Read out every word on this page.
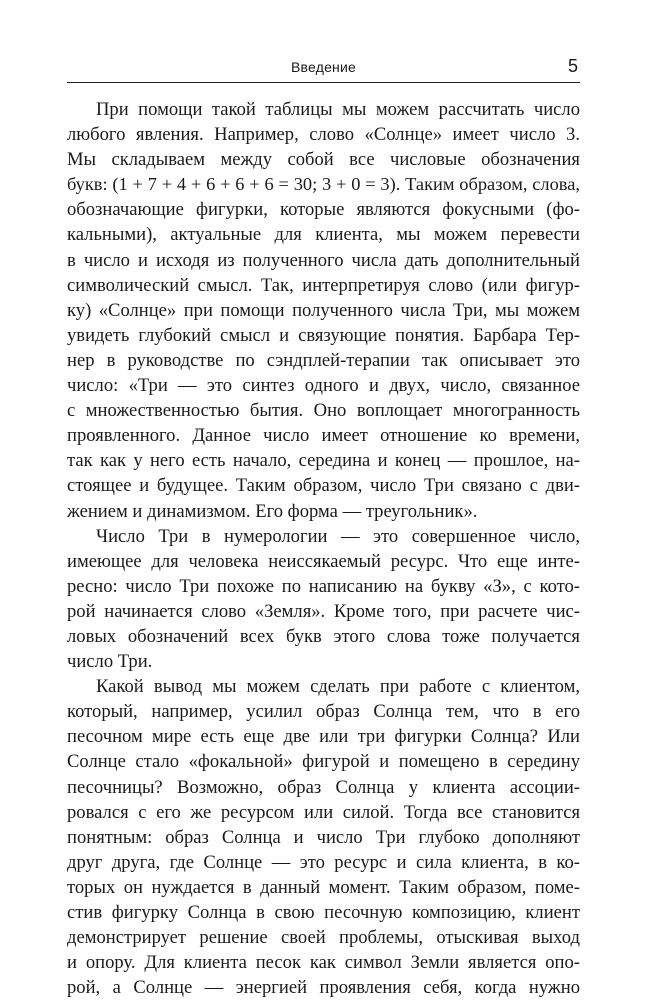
Введение	5
При помощи такой таблицы мы можем рассчитать число
любого явления. Например, слово «Солнце» имеет число 3.
Мы складываем между собой все числовые обозначения
букв: (1 + 7 + 4 + 6 + 6 + 6 = 30; 3 + 0 = 3). Таким образом, слова,
обозначающие фигурки, которые являются фокусными (фо-
кальными), актуальные для клиента, мы можем перевести
в число и исходя из полученного числа дать дополнительный
символический смысл. Так, интерпретируя слово (или фигур-
ку) «Солнце» при помощи полученного числа Три, мы можем
увидеть глубокий смысл и связующие понятия. Барбара Тер-
нер в руководстве по сэндплей-терапии так описывает это
число: «Три — это синтез одного и двух, число, связанное
с множественностью бытия. Оно воплощает многогранность
проявленного. Данное число имеет отношение ко времени,
так как у него есть начало, середина и конец — прошлое, на-
стоящее и будущее. Таким образом, число Три связано с дви-
жением и динамизмом. Его форма — треугольник».
Число Три в нумерологии — это совершенное число,
имеющее для человека неиссякаемый ресурс. Что еще инте-
ресно: число Три похоже по написанию на букву «З», с кото-
рой начинается слово «Земля». Кроме того, при расчете чис-
ловых обозначений всех букв этого слова тоже получается
число Три.
Какой вывод мы можем сделать при работе с клиентом,
который, например, усилил образ Солнца тем, что в его
песочном мире есть еще две или три фигурки Солнца? Или
Солнце стало «фокальной» фигурой и помещено в середину
песочницы? Возможно, образ Солнца у клиента ассоции-
ровался с его же ресурсом или силой. Тогда все становится
понятным: образ Солнца и число Три глубоко дополняют
друг друга, где Солнце — это ресурс и сила клиента, в ко-
торых он нуждается в данный момент. Таким образом, поме-
стив фигурку Солнца в свою песочную композицию, клиент
демонстрирует решение своей проблемы, отыскивая выход
и опору. Для клиента песок как символ Земли является опо-
рой, а Солнце — энергией проявления себя, когда нужно
